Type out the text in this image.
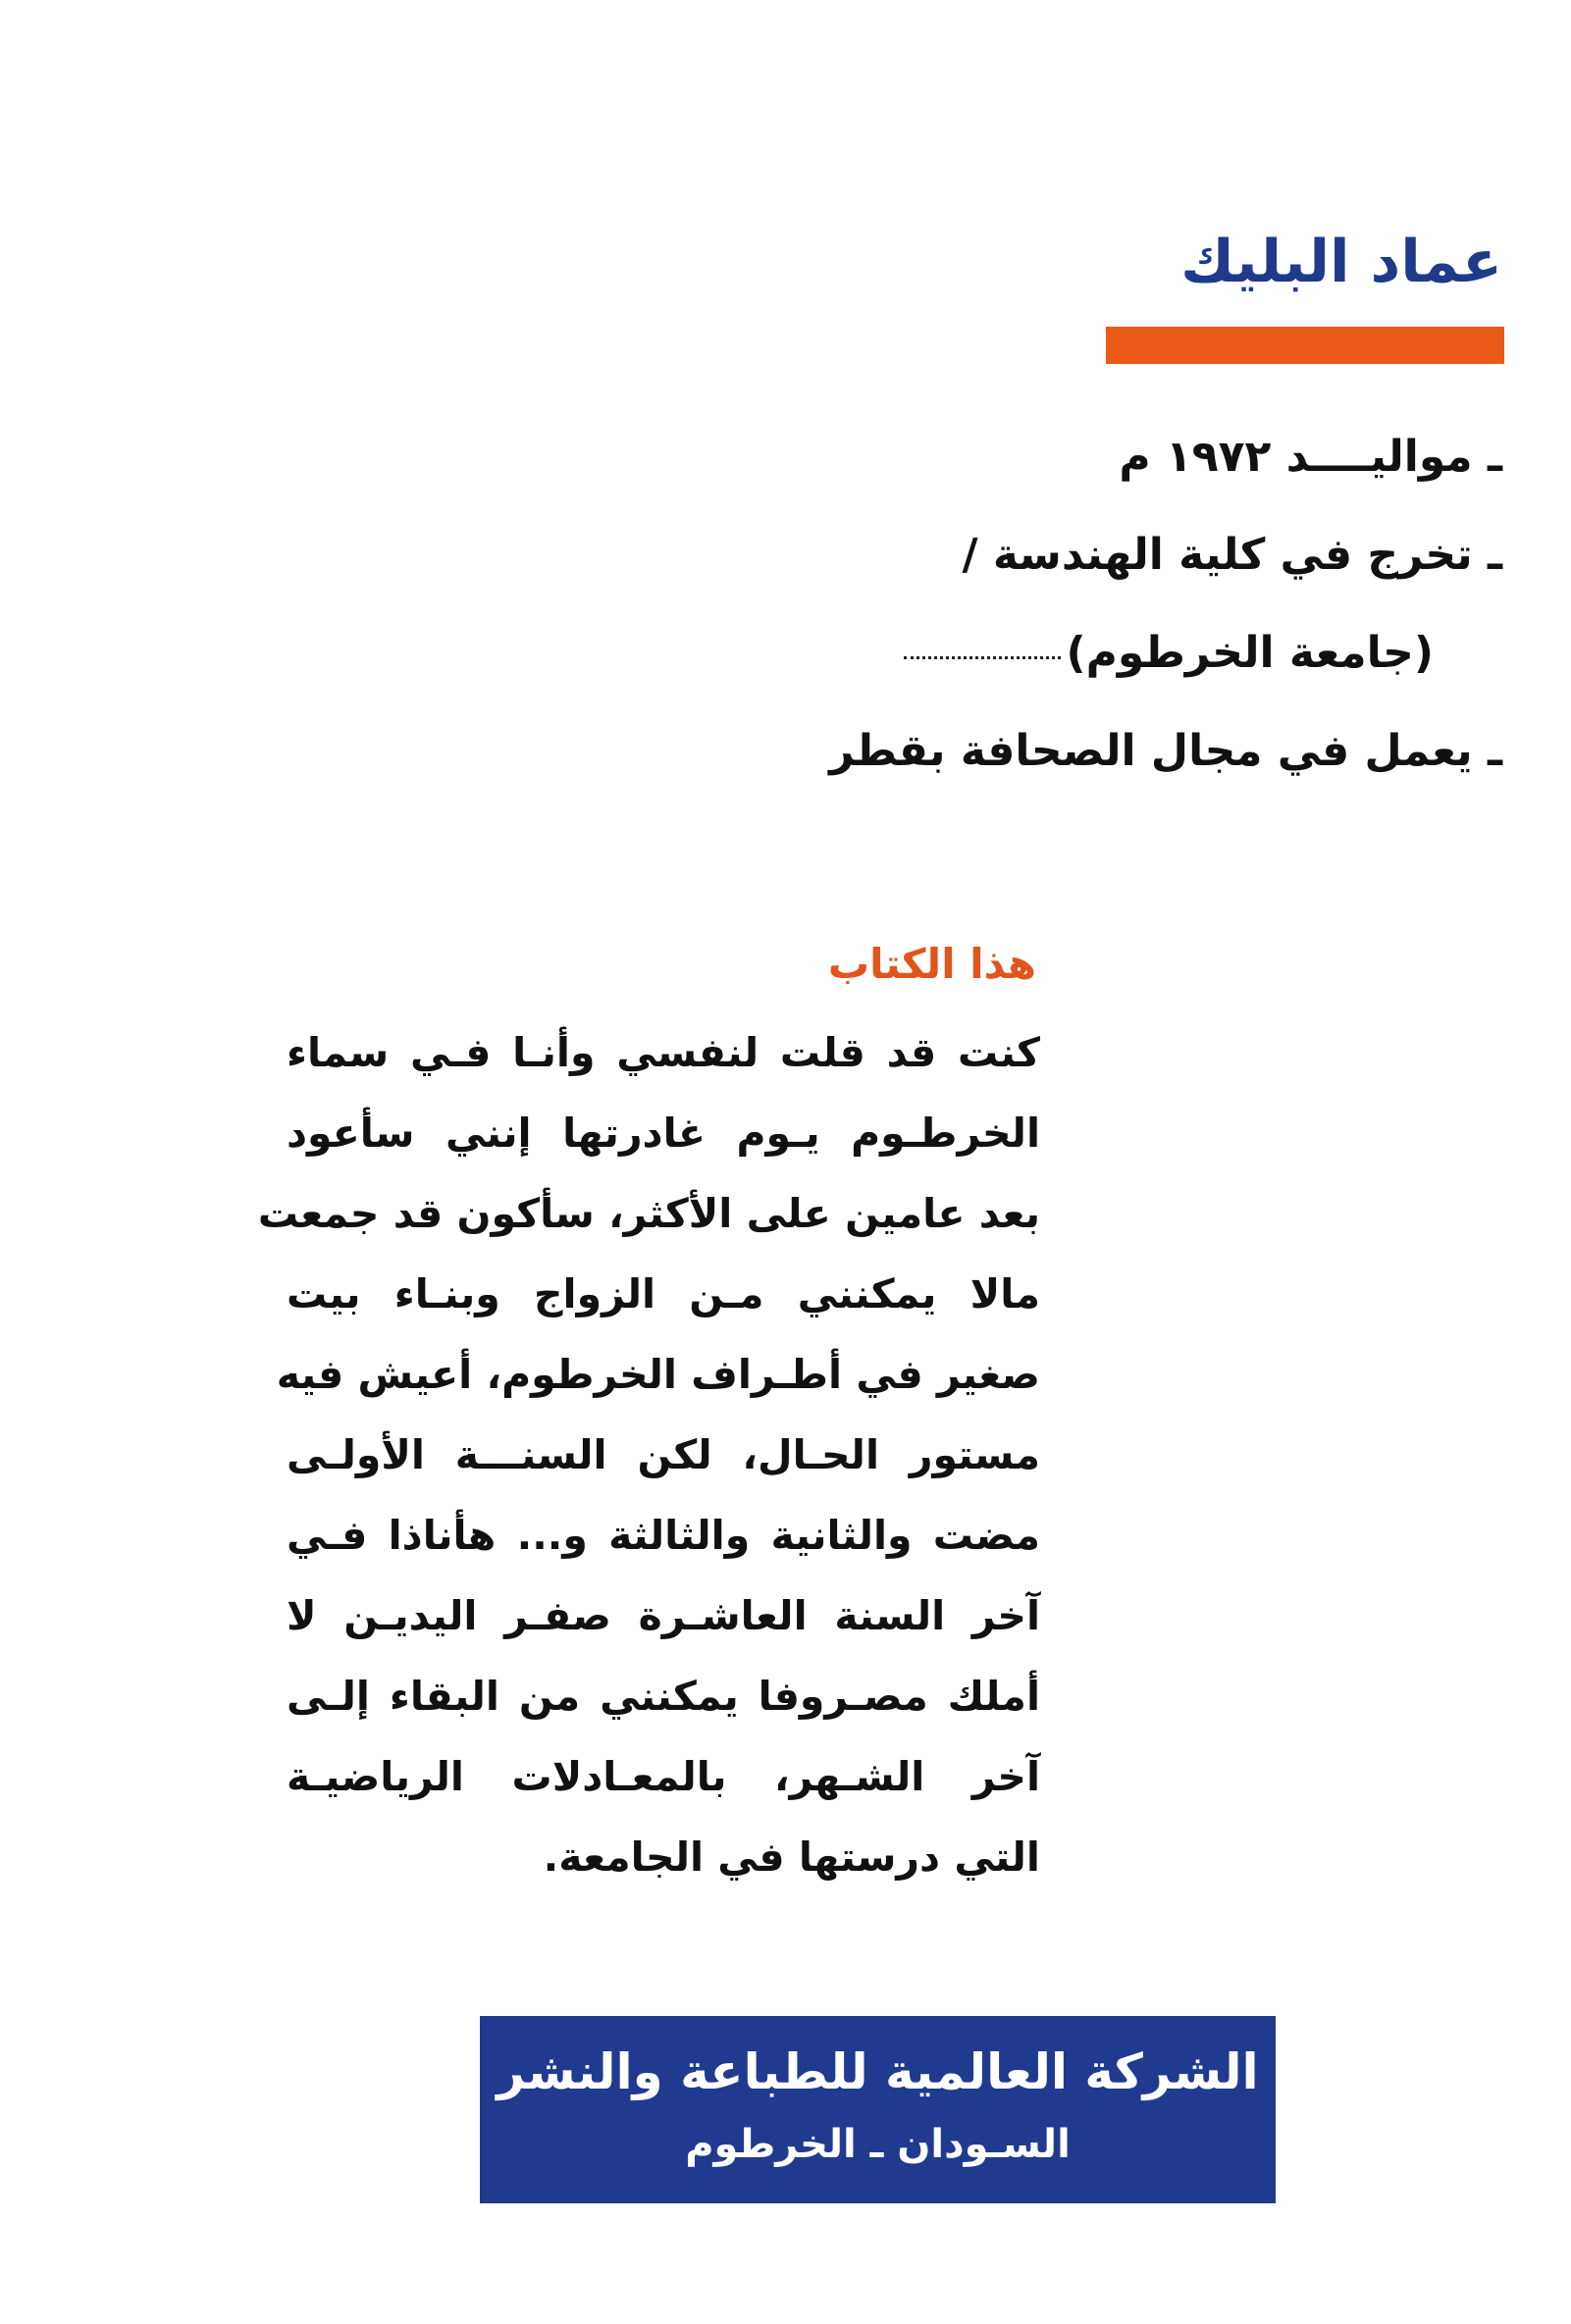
عماد البليك
ـ مواليــــد ١٩٧٢ م
ـ تخرج في كلية الهندسة /
(جامعة الخرطوم)
ـ يعمل في مجال الصحافة بقطر
هذا الكتاب
كنت قد قلت لنفسي وأنـا فـي سماء
الخرطـوم يـوم غادرتها إنني سأعود
بعد عامين على الأكثر، سأكون قد جمعت
مالا يمكنني مـن الزواج وبنـاء بيت
صغير في أطـراف الخرطوم، أعيش فيه
مستور الحـال، لكن السنـــة الأولـى
مضت والثانية والثالثة و... هأناذا فـي
آخر السنة العاشـرة صفـر اليديـن لا
أملك مصـروفا يمكنني من البقاء إلـى
آخر الشـهر، بالمعـادلات الرياضيـة
التي درستها في الجامعة.
الشركة العالمية للطباعة والنشر
السـودان ـ الخرطوم
